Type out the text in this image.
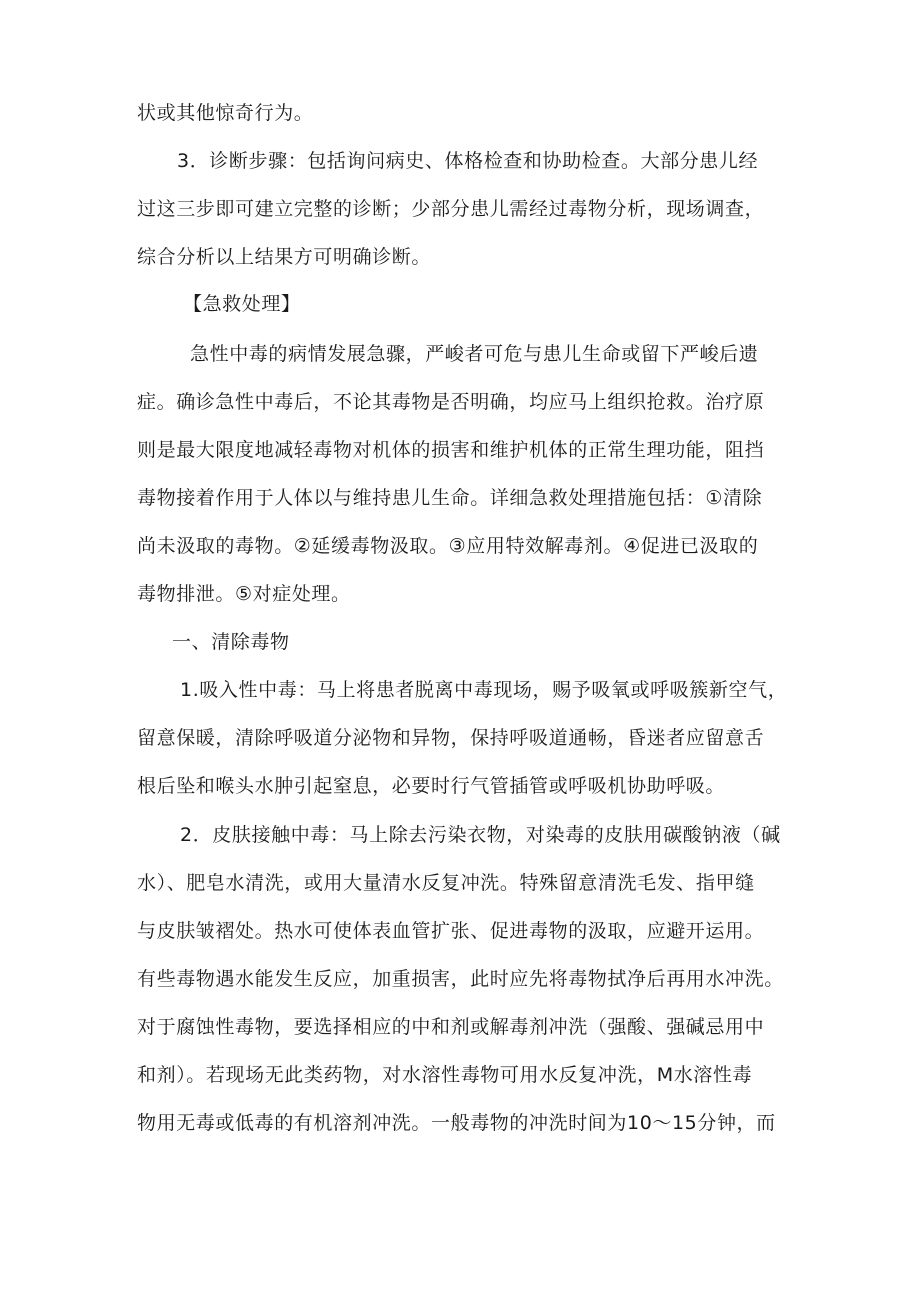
状或其他惊奇行为。
3．诊断步骤：包括询问病史、体格检查和协助检查。大部分患儿经
过这三步即可建立完整的诊断；少部分患儿需经过毒物分析，现场调查，
综合分析以上结果方可明确诊断。
【急救处理】
急性中毒的病情发展急骤，严峻者可危与患儿生命或留下严峻后遗
症。确诊急性中毒后，不论其毒物是否明确，均应马上组织抢救。治疗原
则是最大限度地减轻毒物对机体的损害和维护机体的正常生理功能，阻挡
毒物接着作用于人体以与维持患儿生命。详细急救处理措施包括：①清除
尚未汲取的毒物。②延缓毒物汲取。③应用特效解毒剂。④促进已汲取的
毒物排泄。⑤对症处理。
一、清除毒物
1.吸入性中毒：马上将患者脱离中毒现场，赐予吸氧或呼吸簇新空气，
留意保暖，清除呼吸道分泌物和异物，保持呼吸道通畅，昏迷者应留意舌
根后坠和喉头水肿引起窒息，必要时行气管插管或呼吸机协助呼吸。
2．皮肤接触中毒：马上除去污染衣物，对染毒的皮肤用碳酸钠液（碱
水）、肥皂水清洗，或用大量清水反复冲洗。特殊留意清洗毛发、指甲缝
与皮肤皱褶处。热水可使体表血管扩张、促进毒物的汲取，应避开运用。
有些毒物遇水能发生反应，加重损害，此时应先将毒物拭净后再用水冲洗。
对于腐蚀性毒物，要选择相应的中和剂或解毒剂冲洗（强酸、强碱忌用中
和剂）。若现场无此类药物，对水溶性毒物可用水反复冲洗，M水溶性毒
物用无毒或低毒的有机溶剂冲洗。一般毒物的冲洗时间为10～15分钟，而
